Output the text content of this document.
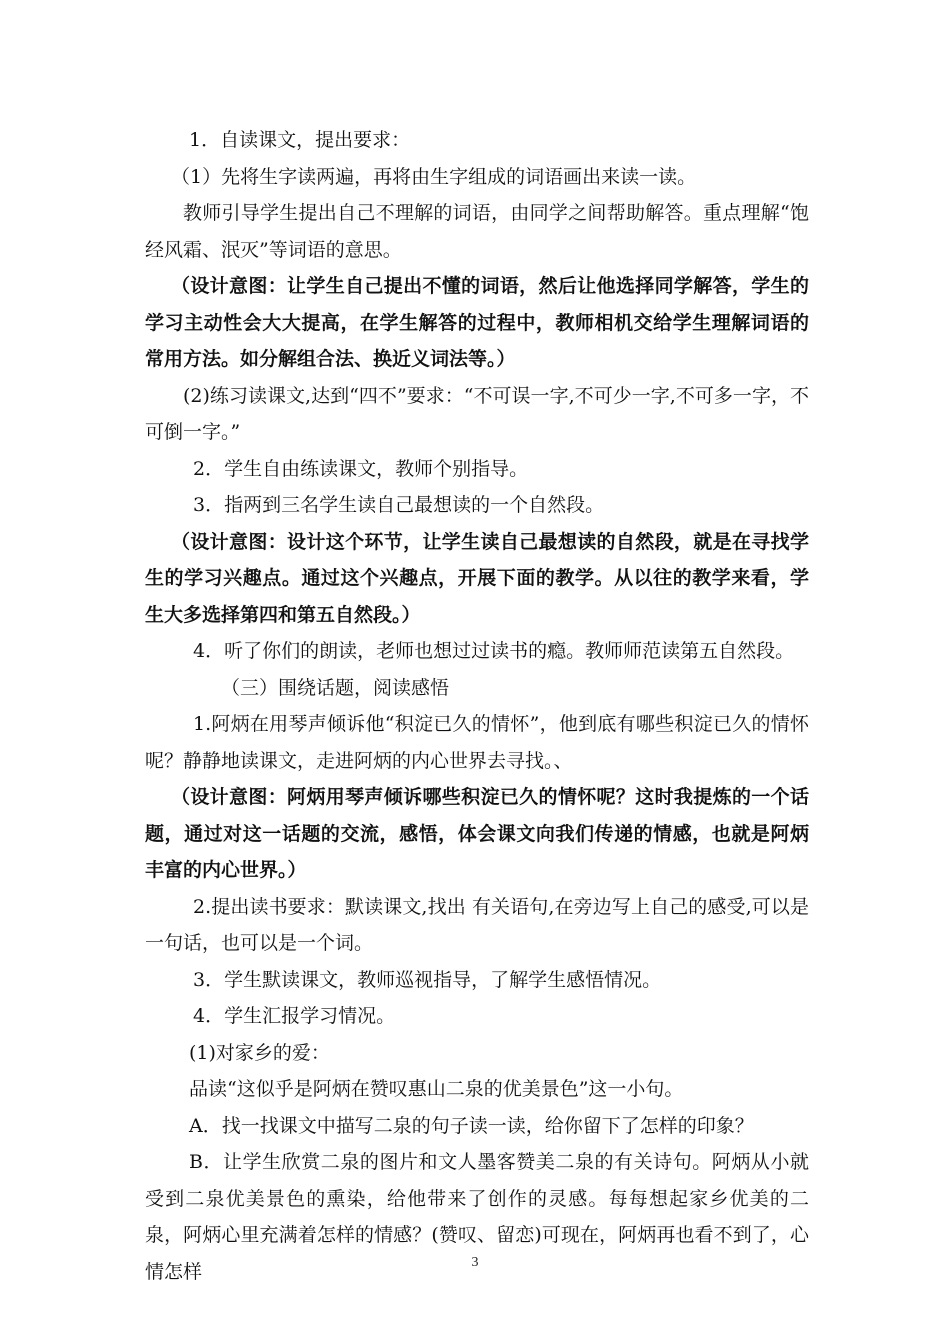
1．自读课文，提出要求：

（1）先将生字读两遍，再将由生字组成的词语画出来读一读。

教师引导学生提出自己不理解的词语，由同学之间帮助解答。重点理解“饱经风霜、泯灭”等词语的意思。

（设计意图：让学生自己提出不懂的词语，然后让他选择同学解答，学生的学习主动性会大大提高，在学生解答的过程中，教师相机交给学生理解词语的常用方法。如分解组合法、换近义词法等。）

(2)练习读课文,达到“四不”要求：“不可误一字,不可少一字,不可多一字，不可倒一字。”

2．学生自由练读课文，教师个别指导。

3．指两到三名学生读自己最想读的一个自然段。

（设计意图：设计这个环节，让学生读自己最想读的自然段，就是在寻找学生的学习兴趣点。通过这个兴趣点，开展下面的教学。从以往的教学来看，学生大多选择第四和第五自然段。）

4．听了你们的朗读，老师也想过过读书的瘾。教师师范读第五自然段。

（三）围绕话题，阅读感悟

1.阿炳在用琴声倾诉他“积淀已久的情怀”，他到底有哪些积淀已久的情怀呢？静静地读课文，走进阿炳的内心世界去寻找。、

（设计意图：阿炳用琴声倾诉哪些积淀已久的情怀呢？这时我提炼的一个话题，通过对这一话题的交流，感悟，体会课文向我们传递的情感，也就是阿炳丰富的内心世界。）

2.提出读书要求：默读课文,找出 有关语句,在旁边写上自己的感受,可以是一句话，也可以是一个词。

3．学生默读课文，教师巡视指导，了解学生感悟情况。

4．学生汇报学习情况。

(1)对家乡的爱：

品读“这似乎是阿炳在赞叹惠山二泉的优美景色”这一小句。

A．找一找课文中描写二泉的句子读一读，给你留下了怎样的印象？

B．让学生欣赏二泉的图片和文人墨客赞美二泉的有关诗句。阿炳从小就受到二泉优美景色的熏染，给他带来了创作的灵感。每每想起家乡优美的二泉，阿炳心里充满着怎样的情感？(赞叹、留恋)可现在，阿炳再也看不到了，心情怎样	3
